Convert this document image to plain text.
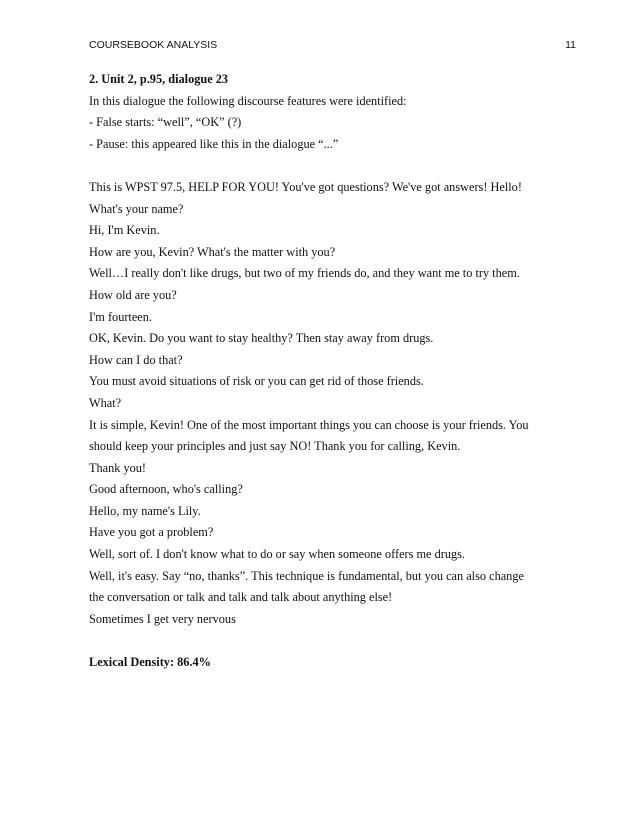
COURSEBOOK ANALYSIS	11

2. Unit 2, p.95, dialogue 23

In this dialogue the following discourse features were identified:

- False starts: “well”, “OK” (?)

- Pause: this appeared like this in the dialogue “...”

This is WPST 97.5, HELP FOR YOU! You've got questions? We've got answers! Hello!

What's your name?

Hi, I'm Kevin.

How are you, Kevin? What's the matter with you?

Well…I really don't like drugs, but two of my friends do, and they want me to try them.

How old are you?

I'm fourteen.

OK, Kevin. Do you want to stay healthy? Then stay away from drugs.

How can I do that?

You must avoid situations of risk or you can get rid of those friends.

What?

It is simple, Kevin! One of the most important things you can choose is your friends. You

should keep your principles and just say NO! Thank you for calling, Kevin.

Thank you!

Good afternoon, who's calling?

Hello, my name's Lily.

Have you got a problem?

Well, sort of. I don't know what to do or say when someone offers me drugs.

Well, it's easy. Say “no, thanks”. This technique is fundamental, but you can also change

the conversation or talk and talk and talk about anything else!

Sometimes I get very nervous

Lexical Density: 86.4%
